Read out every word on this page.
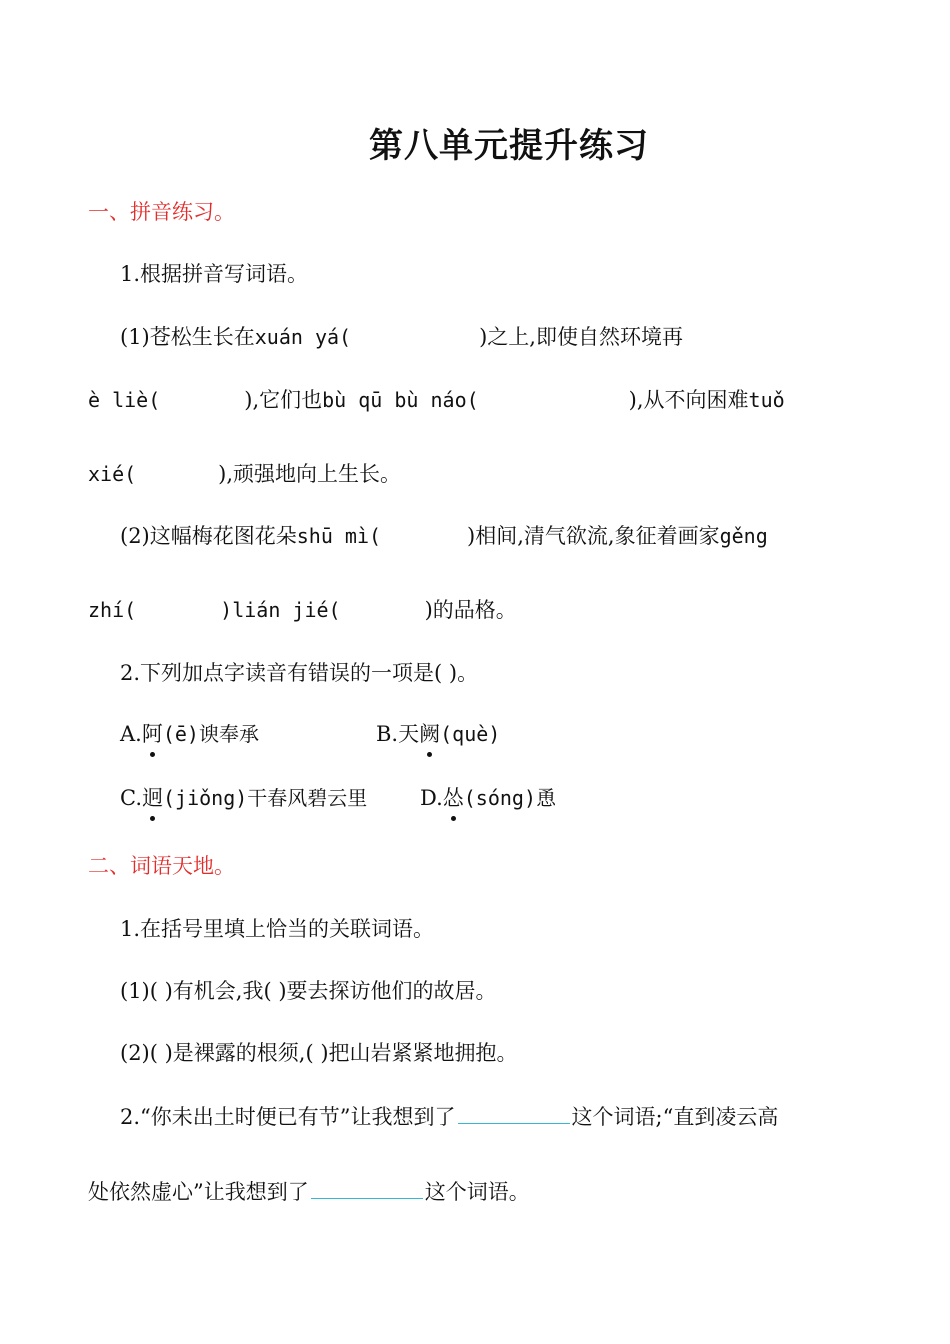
第八单元提升练习
一、拼音练习。
1.根据拼音写词语。
(1)苍松生长在xuán yá(	)之上,即使自然环境再
è liè(	),它们也bù qū bù náo(	),从不向困难tuǒ
xié(	),顽强地向上生长。
(2)这幅梅花图花朵shū mì(	)相间,清气欲流,象征着画家gěng
zhí(	)lián jié(	)的品格。
2.下列加点字读音有错误的一项是( )。
A.阿(ē)谀奉承	B.天阙(què)
C.迥(jiǒng)干春风碧云里	D.怂(sóng)恿
二、词语天地。
1.在括号里填上恰当的关联词语。
(1)( )有机会,我( )要去探访他们的故居。
(2)( )是裸露的根须,( )把山岩紧紧地拥抱。
2.“你未出土时便已有节”让我想到了	这个词语;“直到凌云高
处依然虚心”让我想到了	这个词语。
